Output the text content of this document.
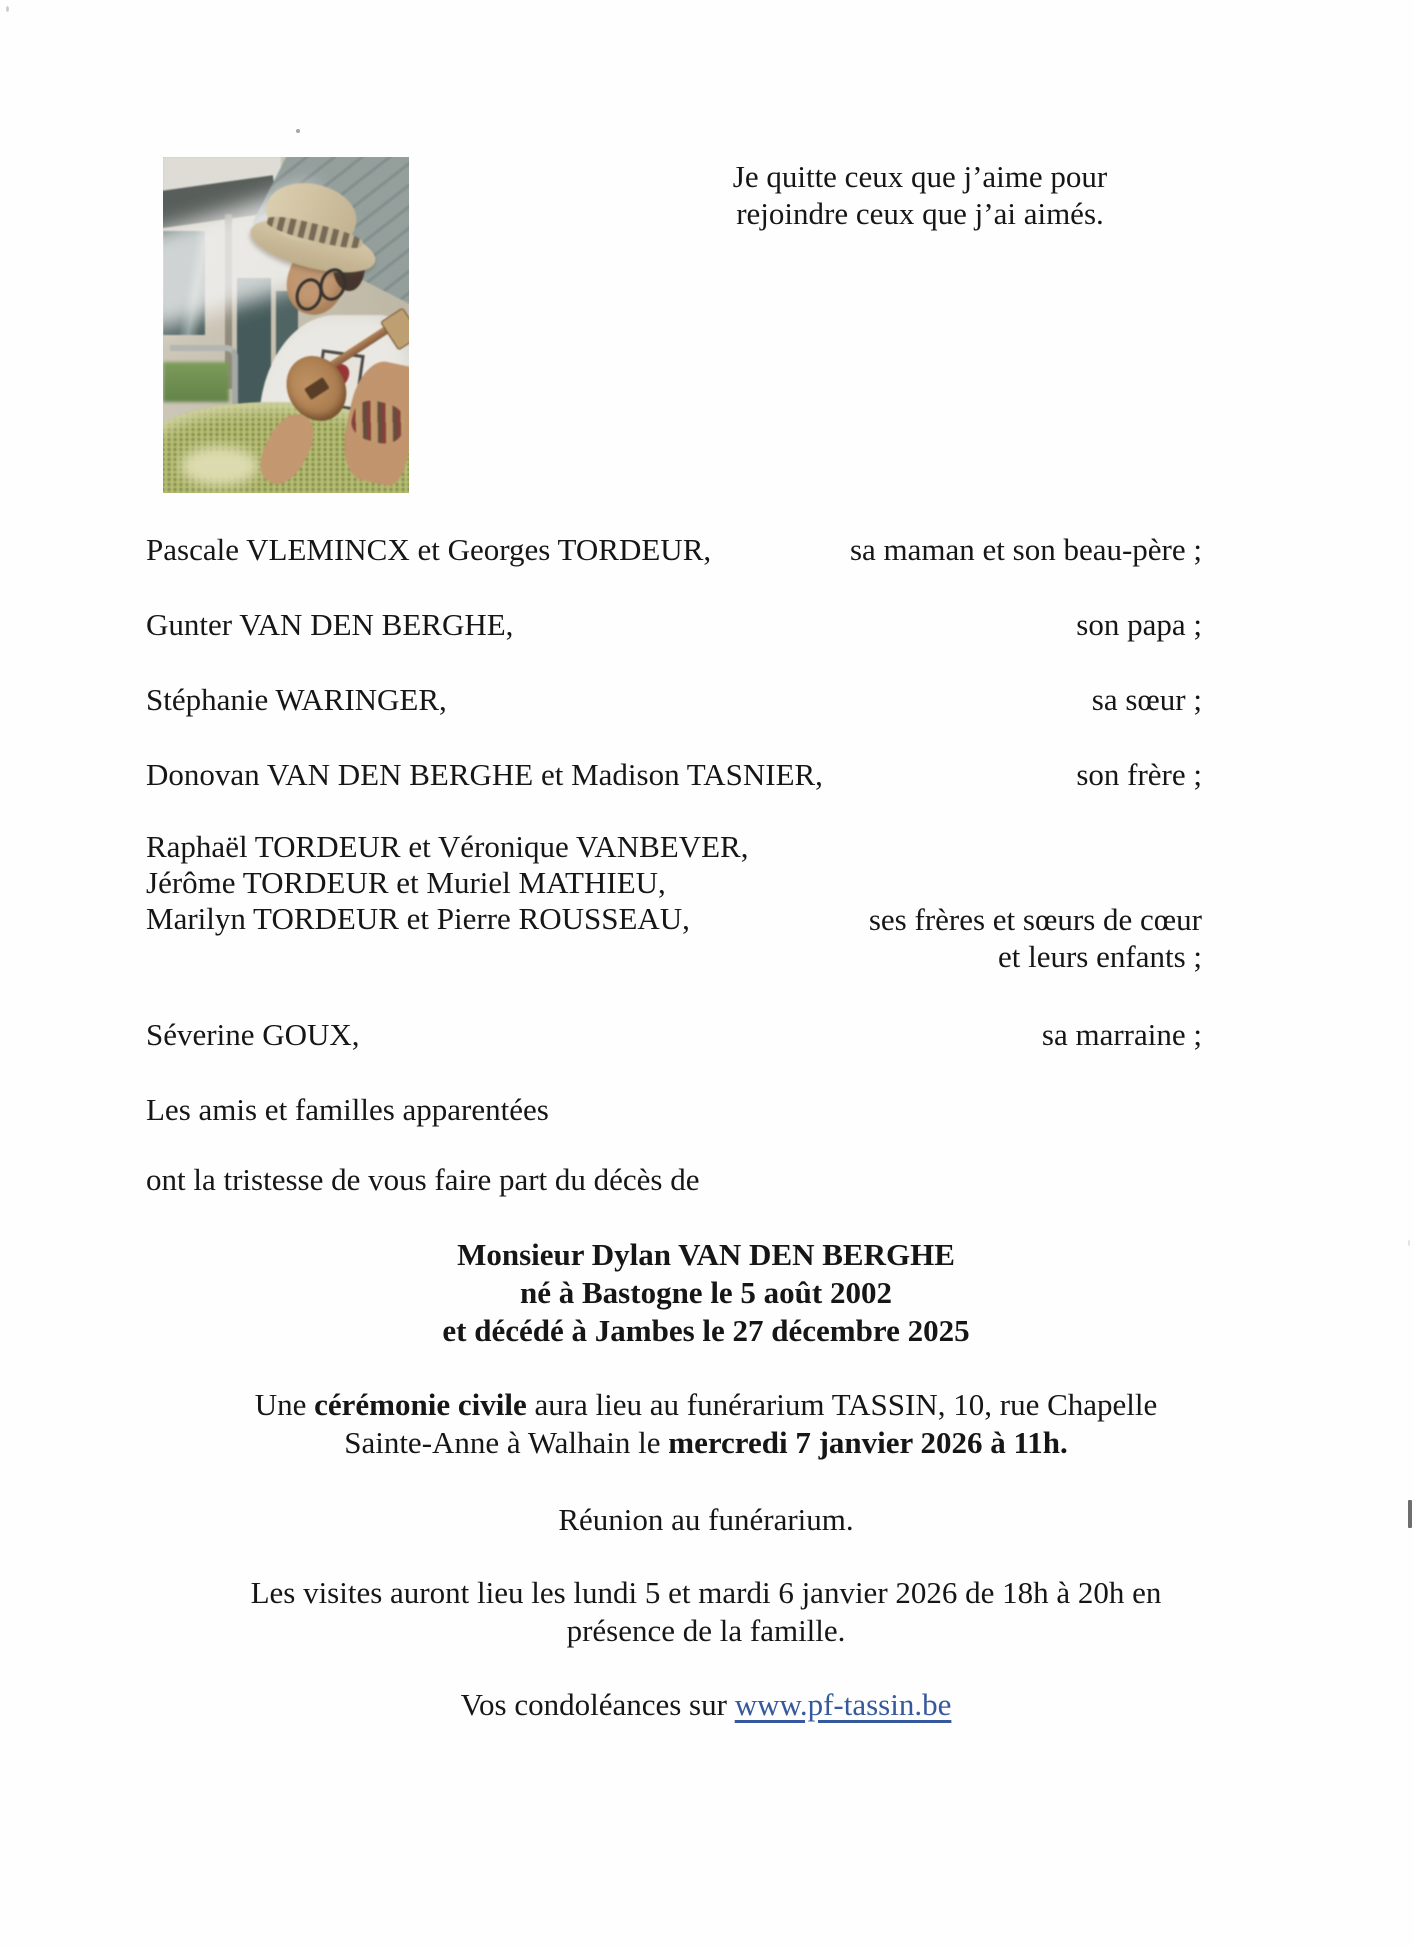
Je quitte ceux que j’aime pour
rejoindre ceux que j’ai aimés.
Pascale VLEMINCX et Georges TORDEUR,	sa maman et son beau-père ;
Gunter VAN DEN BERGHE,	son papa ;
Stéphanie WARINGER,	sa sœur ;
Donovan VAN DEN BERGHE et Madison TASNIER,	son frère ;
Raphaël TORDEUR et Véronique VANBEVER,
Jérôme TORDEUR et Muriel MATHIEU,
Marilyn TORDEUR et Pierre ROUSSEAU,	ses frères et sœurs de cœur
et leurs enfants ;
Séverine GOUX,	sa marraine ;
Les amis et familles apparentées
ont la tristesse de vous faire part du décès de
Monsieur Dylan VAN DEN BERGHE
né à Bastogne le 5 août 2002
et décédé à Jambes le 27 décembre 2025
Une cérémonie civile aura lieu au funérarium TASSIN, 10, rue Chapelle
Sainte-Anne à Walhain le mercredi 7 janvier 2026 à 11h.
Réunion au funérarium.
Les visites auront lieu les lundi 5 et mardi 6 janvier 2026 de 18h à 20h en
présence de la famille.
Vos condoléances sur www.pf-tassin.be
